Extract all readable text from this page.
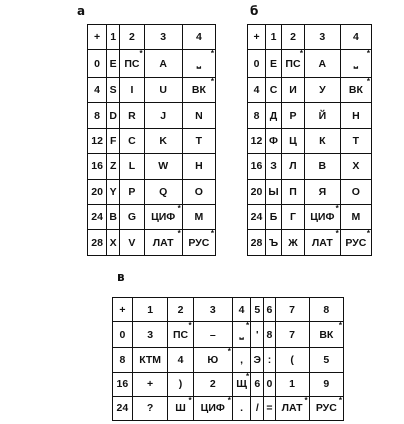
а	б
в
+	1	2	3	4
0	Е	ПС *	А	⎵ *
4	S	I	U	ВК *
8	D	R	J	N
12	F	C	K	T
16	Z	L	W	H
20	Y	P	Q	O
24	B	G	ЦИФ *	M
28	X	V	ЛАТ *	РУС *
+	1	2	3	4
0	Е	ПС *	А	⎵ *
4	С	И	У	ВК *
8	Д	Р	Й	Н
12	Ф	Ц	К	Т
16	З	Л	В	Х
20	Ы	П	Я	О
24	Б	Г	ЦИФ *	М
28	Ъ	Ж	ЛАТ *	РУС *
+	1	2	3	4	5	6	7	8
0	3	ПС *	–	⎵ *	'	8	7	ВК *
8	КТМ	4	Ю *	,	Э	:	(	5
16	+	)	2	Щ *	6	0	1	9
24	?	Ш *	ЦИФ *	.	/	=	ЛАТ *	РУС *
